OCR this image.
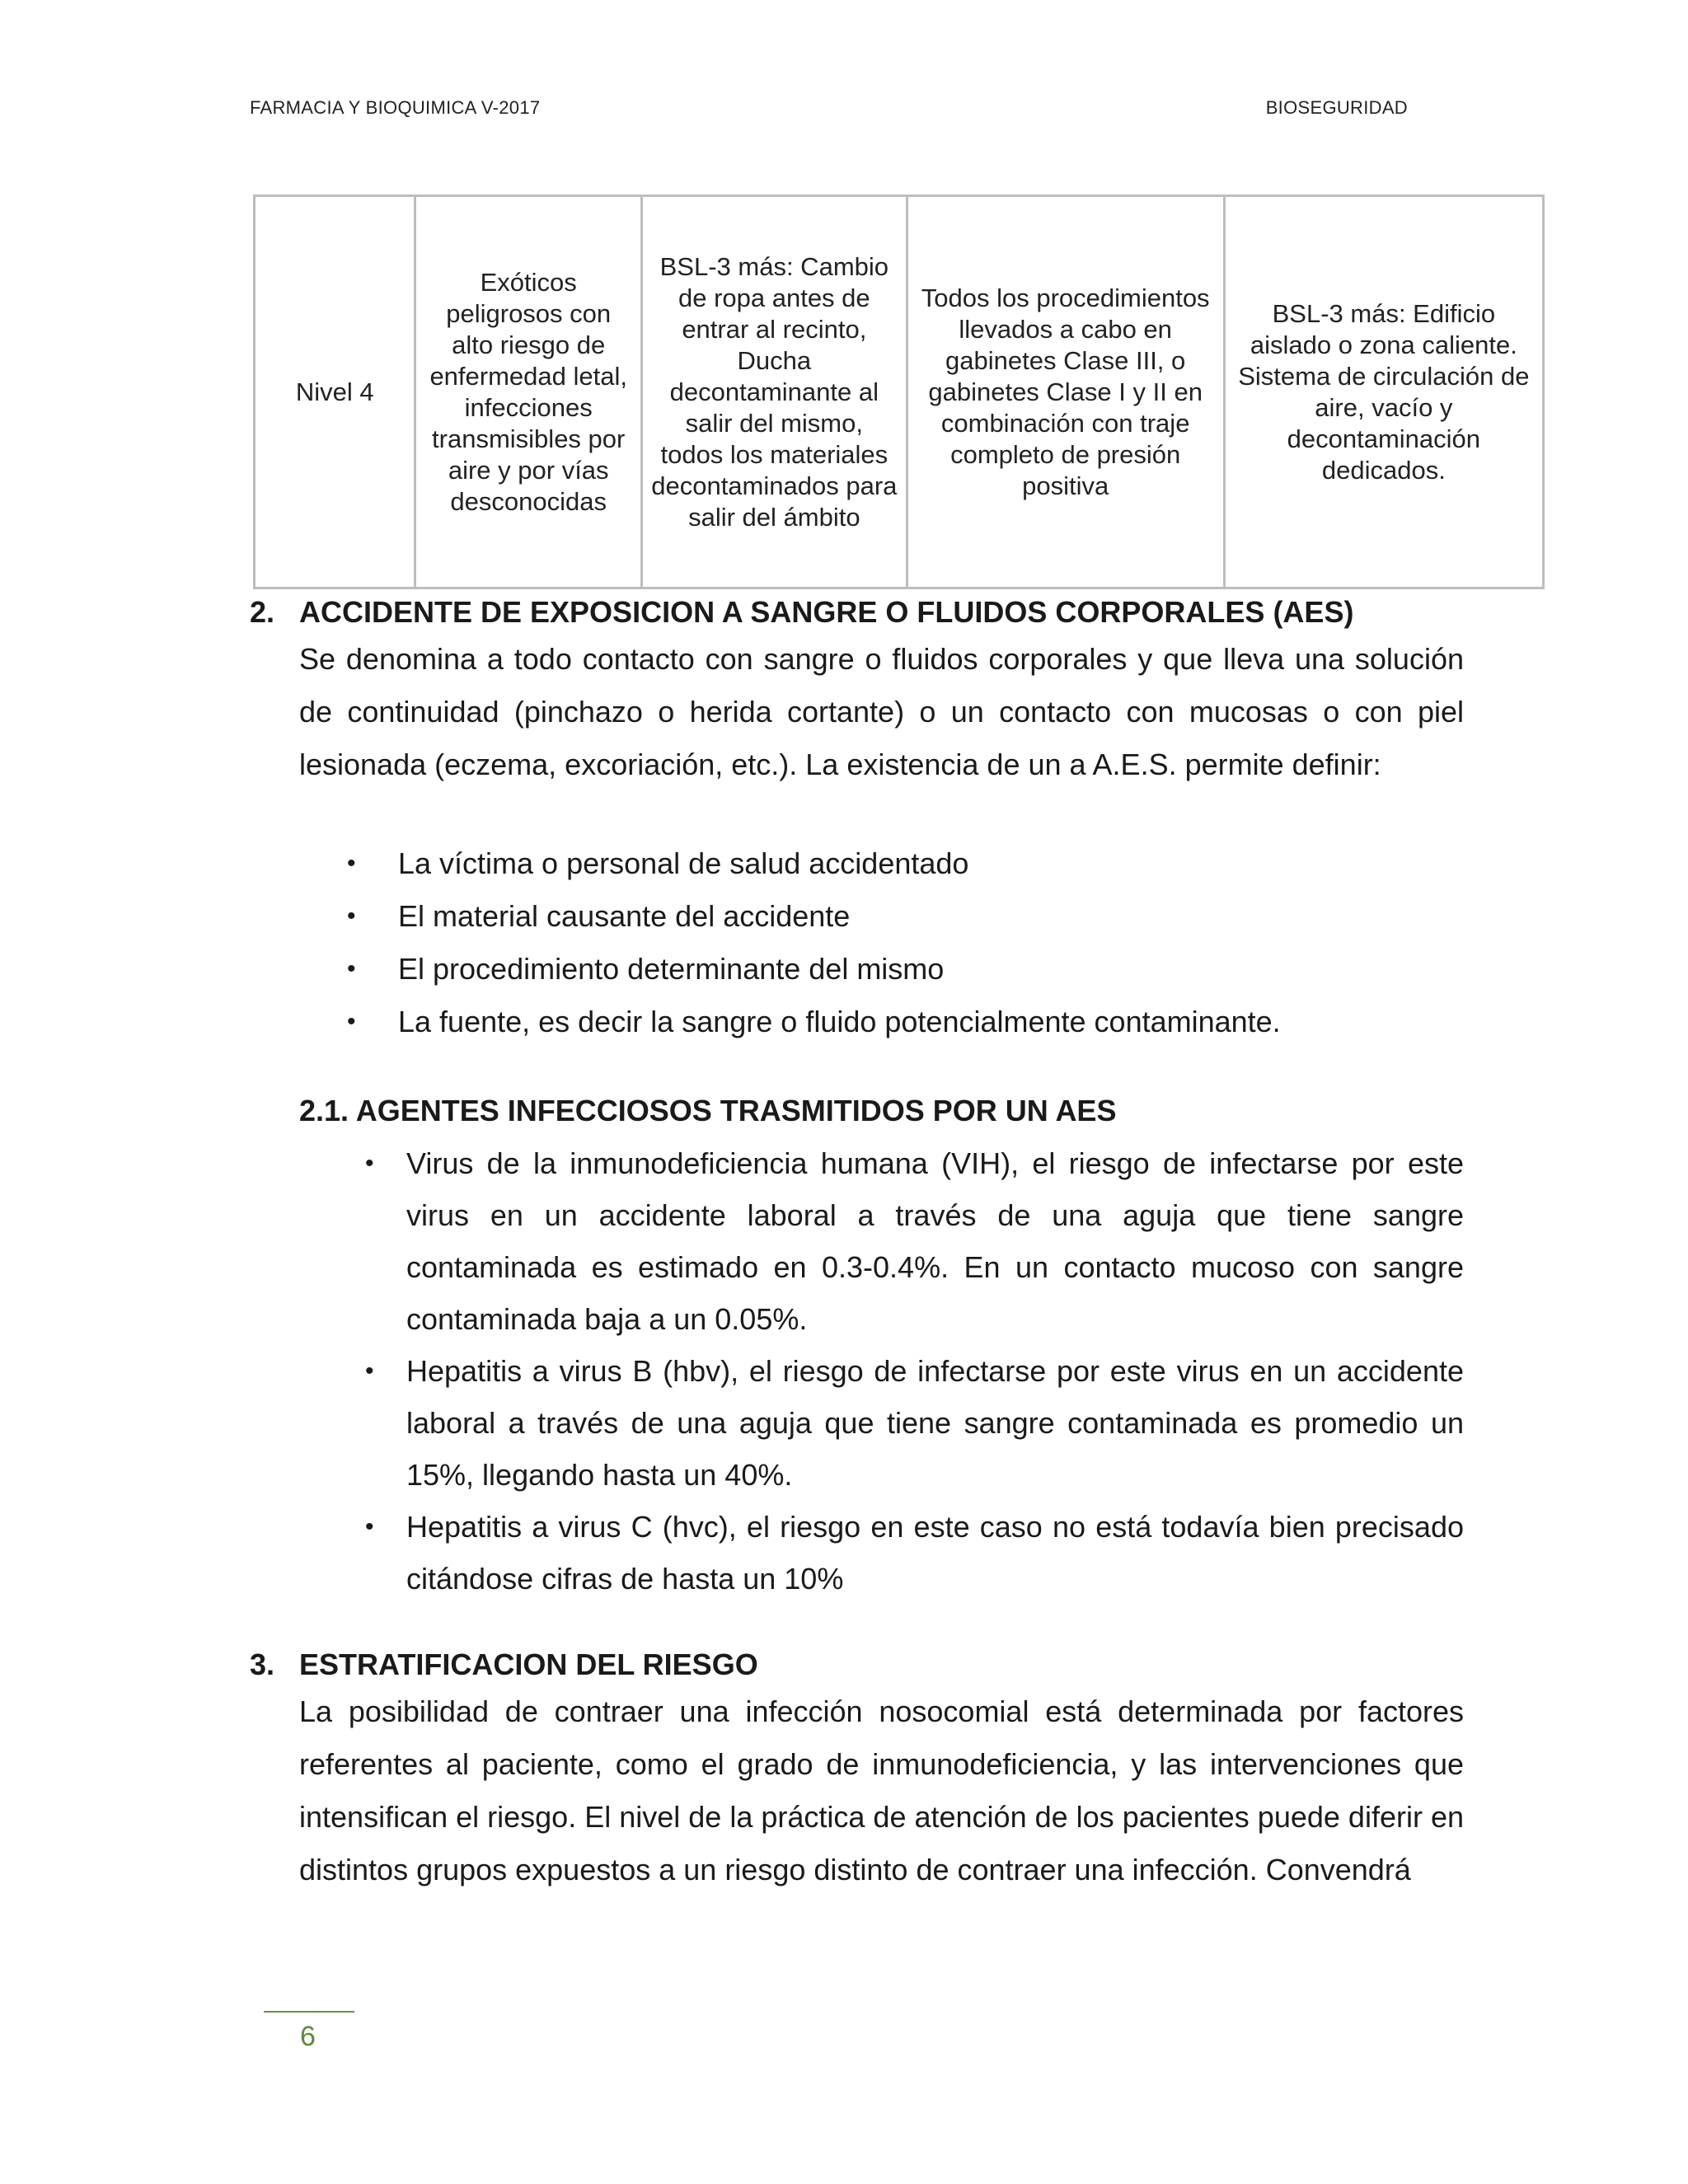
FARMACIA Y BIOQUIMICA V-2017	BIOSEGURIDAD
Nivel 4	Exóticos peligrosos con alto riesgo de enfermedad letal, infecciones transmisibles por aire y por vías desconocidas	BSL-3 más: Cambio de ropa antes de entrar al recinto, Ducha decontaminante al salir del mismo, todos los materiales decontaminados para salir del ámbito	Todos los procedimientos llevados a cabo en gabinetes Clase III, o gabinetes Clase I y II en combinación con traje completo de presión positiva	BSL-3 más: Edificio aislado o zona caliente. Sistema de circulación de aire, vacío y decontaminación dedicados.
2. ACCIDENTE DE EXPOSICION A SANGRE O FLUIDOS CORPORALES (AES)

Se denomina a todo contacto con sangre o fluidos corporales y que lleva una solución de continuidad (pinchazo o herida cortante) o un contacto con mucosas o con piel lesionada (eczema, excoriación, etc.). La existencia de un a A.E.S. permite definir:

• La víctima o personal de salud accidentado
• El material causante del accidente
• El procedimiento determinante del mismo
• La fuente, es decir la sangre o fluido potencialmente contaminante.
2.1. AGENTES INFECCIOSOS TRASMITIDOS POR UN AES
• Virus de la inmunodeficiencia humana (VIH), el riesgo de infectarse por este virus en un accidente laboral a través de una aguja que tiene sangre contaminada es estimado en 0.3-0.4%. En un contacto mucoso con sangre contaminada baja a un 0.05%.
• Hepatitis a virus B (hbv), el riesgo de infectarse por este virus en un accidente laboral a través de una aguja que tiene sangre contaminada es promedio un 15%, llegando hasta un 40%.
• Hepatitis a virus C (hvc), el riesgo en este caso no está todavía bien precisado citándose cifras de hasta un 10%
3. ESTRATIFICACION DEL RIESGO

La posibilidad de contraer una infección nosocomial está determinada por factores referentes al paciente, como el grado de inmunodeficiencia, y las intervenciones que intensifican el riesgo. El nivel de la práctica de atención de los pacientes puede diferir en distintos grupos expuestos a un riesgo distinto de contraer una infección. Convendrá

6
